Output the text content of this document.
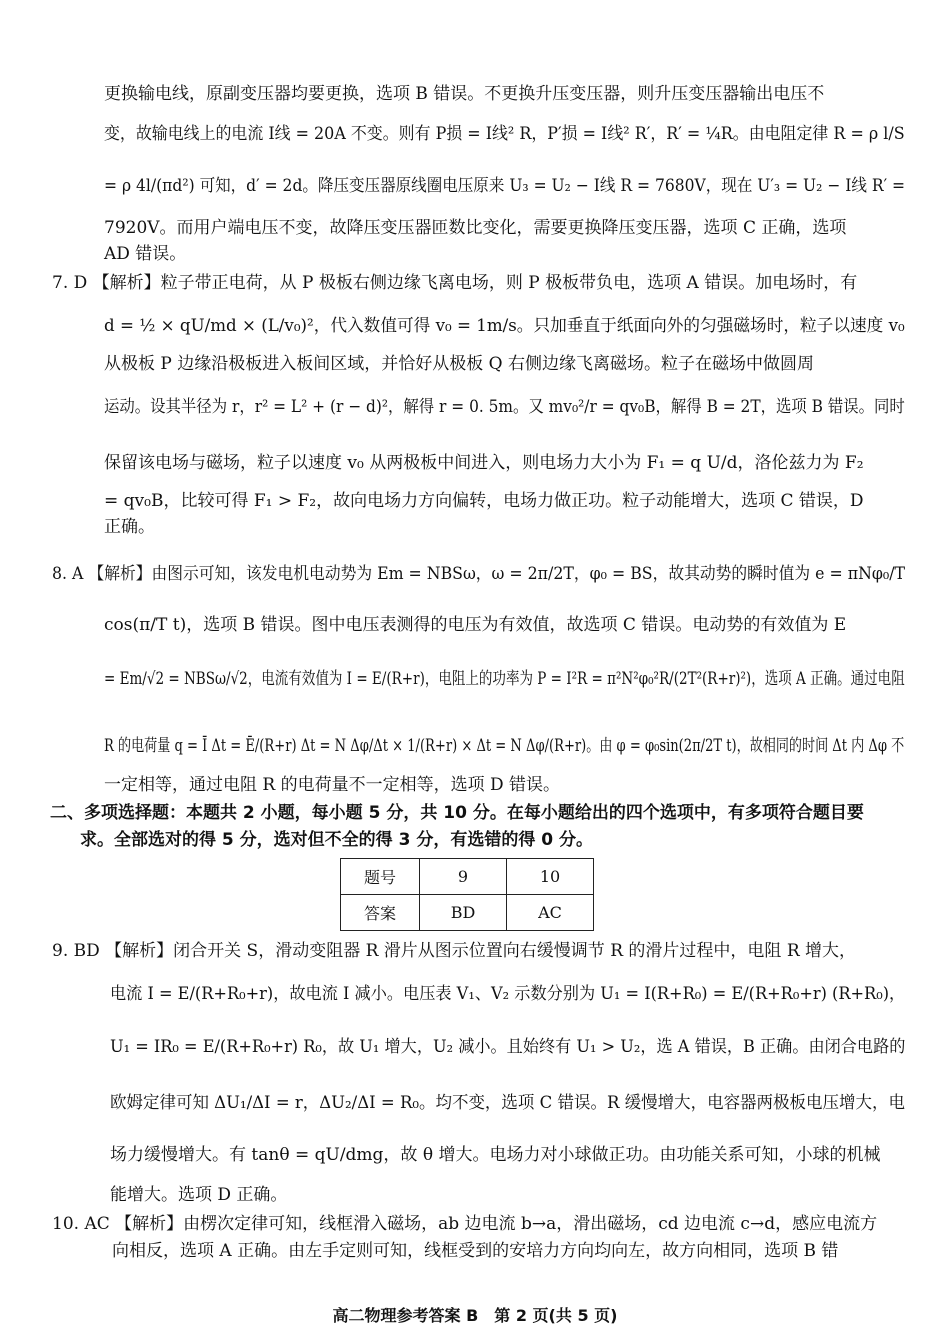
更换输电线，原副变压器均要更换，选项 B 错误。不更换升压变压器，则升压变压器输出电压不
变，故输电线上的电流 I线 = 20A 不变。则有 P损 = I线² R，P′损 = I线² R′，R′ = ¼R。由电阻定律 R = ρ l/S
= ρ 4l/(πd²) 可知，d′ = 2d。降压变压器原线圈电压原来 U₃ = U₂ − I线 R = 7680V，现在 U′₃ = U₂ − I线 R′ =
7920V。而用户端电压不变，故降压变压器匝数比变化，需要更换降压变压器，选项 C 正确，选项
AD 错误。
7. D 【解析】粒子带正电荷，从 P 极板右侧边缘飞离电场，则 P 极板带负电，选项 A 错误。加电场时，有
d = ½ × qU/md × (L/v₀)²，代入数值可得 v₀ = 1m/s。只加垂直于纸面向外的匀强磁场时，粒子以速度 v₀
从极板 P 边缘沿极板进入板间区域，并恰好从极板 Q 右侧边缘飞离磁场。粒子在磁场中做圆周
运动。设其半径为 r，r² = L² + (r − d)²，解得 r = 0. 5m。又 mv₀²/r = qv₀B，解得 B = 2T，选项 B 错误。同时
保留该电场与磁场，粒子以速度 v₀ 从两极板中间进入，则电场力大小为 F₁ = q U/d，洛伦兹力为 F₂
= qv₀B，比较可得 F₁ > F₂，故向电场力方向偏转，电场力做正功。粒子动能增大，选项 C 错误，D
正确。
8. A 【解析】由图示可知，该发电机电动势为 Em = NBSω，ω = 2π/2T，φ₀ = BS，故其动势的瞬时值为 e = πNφ₀/T
cos(π/T t)，选项 B 错误。图中电压表测得的电压为有效值，故选项 C 错误。电动势的有效值为 E
= Em/√2 = NBSω/√2，电流有效值为 I = E/(R+r)，电阻上的功率为 P = I²R = π²N²φ₀²R/(2T²(R+r)²)，选项 A 正确。通过电阻
R 的电荷量 q = Ī Δt = Ē/(R+r) Δt = N Δφ/Δt × 1/(R+r) × Δt = N Δφ/(R+r)。由 φ = φ₀sin(2π/2T t)，故相同的时间 Δt 内 Δφ 不
一定相等，通过电阻 R 的电荷量不一定相等，选项 D 错误。
二、多项选择题：本题共 2 小题，每小题 5 分，共 10 分。在每小题给出的四个选项中，有多项符合题目要
求。全部选对的得 5 分，选对但不全的得 3 分，有选错的得 0 分。
题号	9	10
答案	BD	AC
9. BD 【解析】闭合开关 S，滑动变阻器 R 滑片从图示位置向右缓慢调节 R 的滑片过程中，电阻 R 增大，
电流 I = E/(R+R₀+r)，故电流 I 减小。电压表 V₁、V₂ 示数分别为 U₁ = I(R+R₀) = E/(R+R₀+r) (R+R₀)，
U₁ = IR₀ = E/(R+R₀+r) R₀，故 U₁ 增大，U₂ 减小。且始终有 U₁ > U₂，选 A 错误，B 正确。由闭合电路的
欧姆定律可知 ΔU₁/ΔI = r，ΔU₂/ΔI = R₀。均不变，选项 C 错误。R 缓慢增大，电容器两极板电压增大，电
场力缓慢增大。有 tanθ = qU/dmg，故 θ 增大。电场力对小球做正功。由功能关系可知，小球的机械
能增大。选项 D 正确。
10. AC 【解析】由楞次定律可知，线框滑入磁场，ab 边电流 b→a，滑出磁场，cd 边电流 c→d，感应电流方
向相反，选项 A 正确。由左手定则可知，线框受到的安培力方向均向左，故方向相同，选项 B 错
高二物理参考答案 B　第 2 页(共 5 页)
